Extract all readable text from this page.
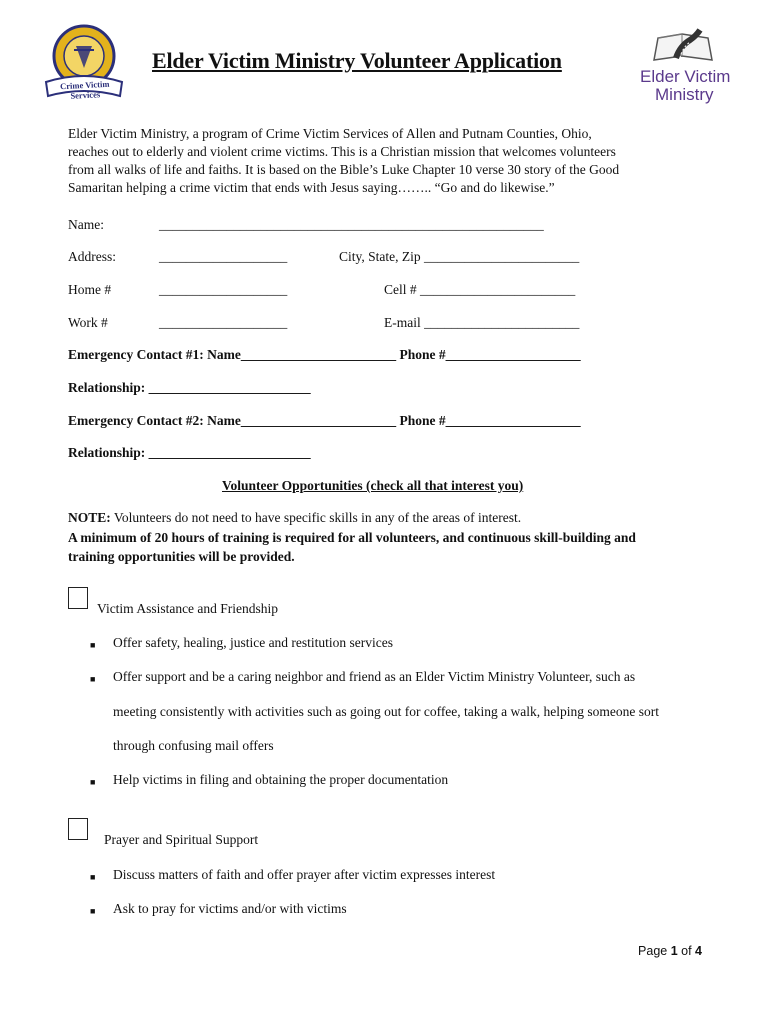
Crime Victim Services
Elder Victim Ministry Volunteer Application
Elder Victim
Ministry
Elder Victim Ministry, a program of Crime Victim Services of Allen and Putnam Counties, Ohio,
reaches out to elderly and violent crime victims. This is a Christian mission that welcomes volunteers
from all walks of life and faiths. It is based on the Bible’s Luke Chapter 10 verse 30 story of the Good
Samaritan helping a crime victim that ends with Jesus saying…….. “Go and do likewise.”
Name:	_________________________________________________________
Address:	___________________	City, State, Zip _______________________
Home #	___________________	Cell # _______________________
Work #	___________________	E-mail _______________________
Emergency Contact #1: Name_______________________ Phone #____________________
Relationship: ________________________
Emergency Contact #2: Name_______________________ Phone #____________________
Relationship: ________________________
Volunteer Opportunities (check all that interest you)
NOTE: Volunteers do not need to have specific skills in any of the areas of interest.
A minimum of 20 hours of training is required for all volunteers, and continuous skill-building and
training opportunities will be provided.
Victim Assistance and Friendship
■ Offer safety, healing, justice and restitution services
■ Offer support and be a caring neighbor and friend as an Elder Victim Ministry Volunteer, such as
meeting consistently with activities such as going out for coffee, taking a walk, helping someone sort
through confusing mail offers
■ Help victims in filing and obtaining the proper documentation
Prayer and Spiritual Support
■ Discuss matters of faith and offer prayer after victim expresses interest
■ Ask to pray for victims and/or with victims
Page 1 of 4
